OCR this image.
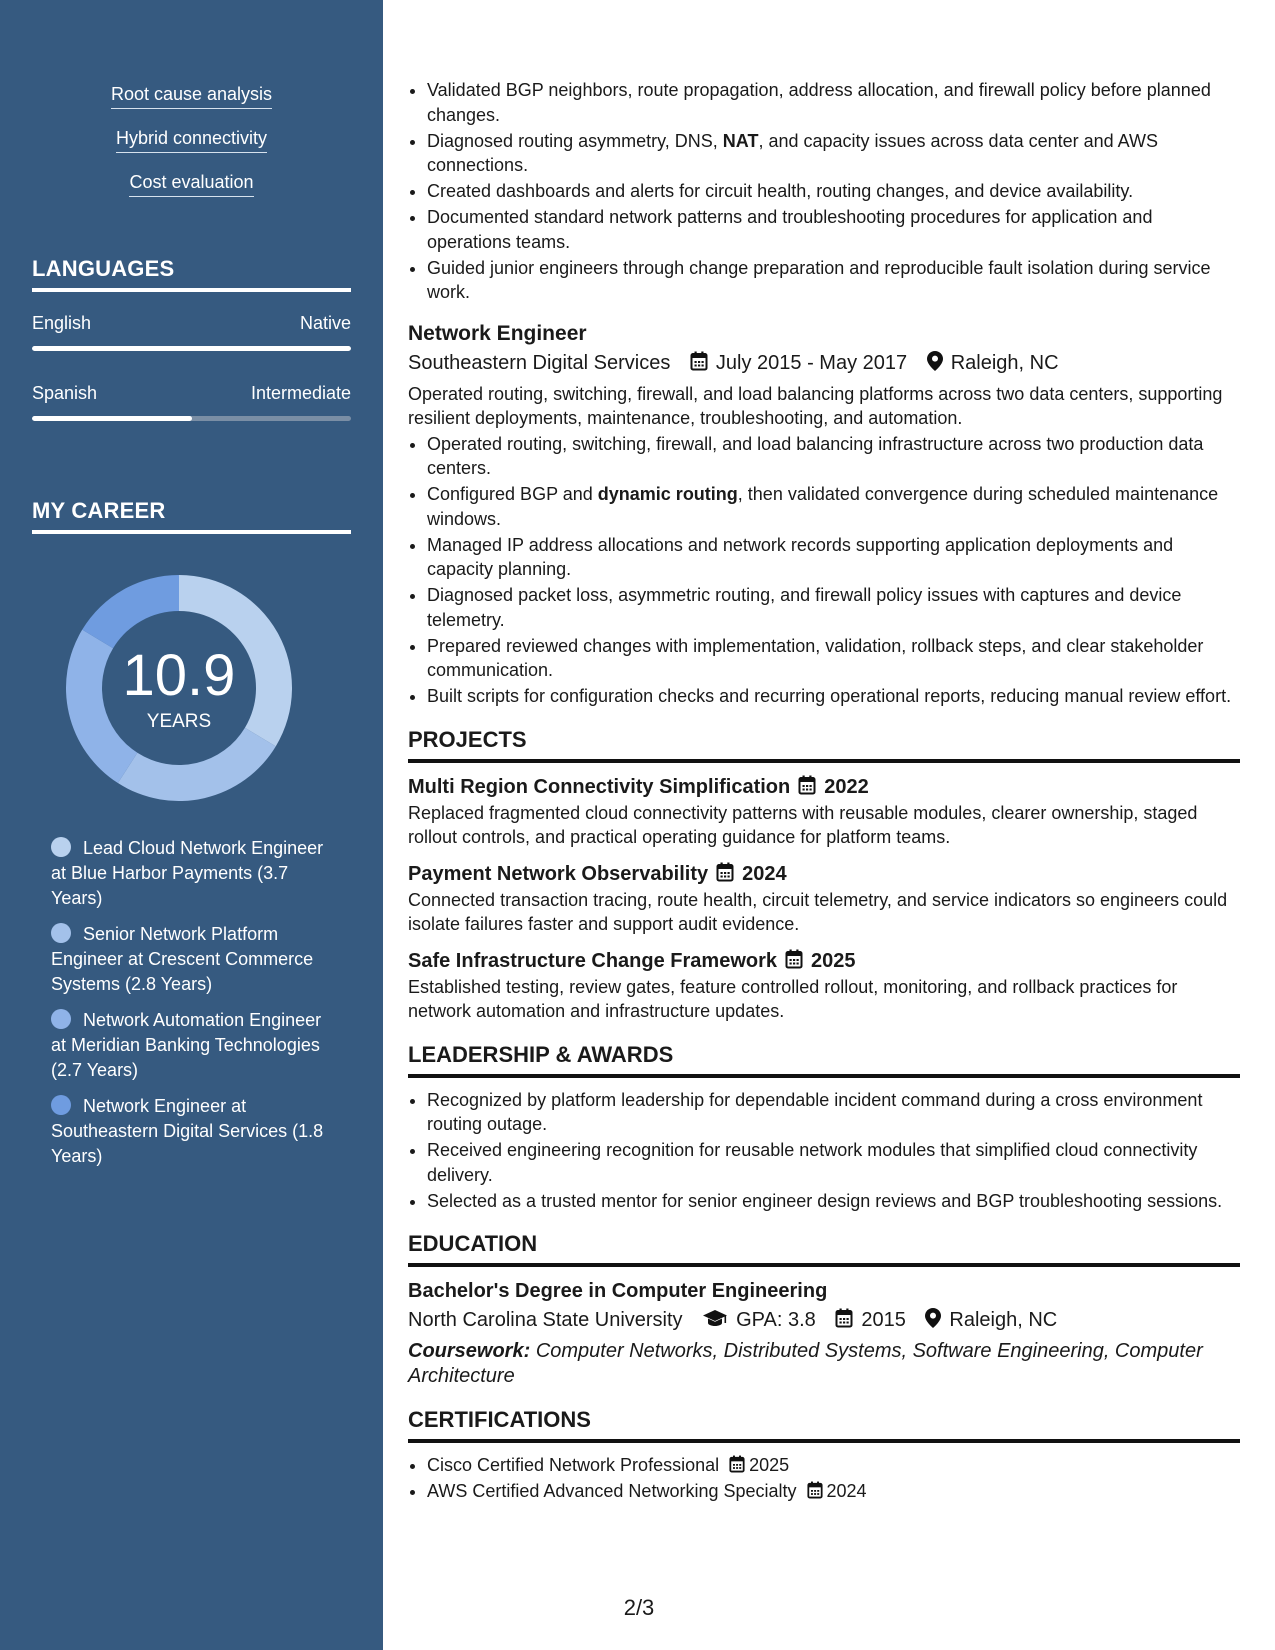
Root cause analysis
Hybrid connectivity
Cost evaluation
LANGUAGES
English	Native
Spanish	Intermediate
MY CAREER
10.9
YEARS
Lead Cloud Network Engineer at Blue Harbor Payments (3.7 Years)
Senior Network Platform Engineer at Crescent Commerce Systems (2.8 Years)
Network Automation Engineer at Meridian Banking Technologies (2.7 Years)
Network Engineer at Southeastern Digital Services (1.8 Years)
• Validated BGP neighbors, route propagation, address allocation, and firewall policy before planned changes.
• Diagnosed routing asymmetry, DNS, NAT, and capacity issues across data center and AWS connections.
• Created dashboards and alerts for circuit health, routing changes, and device availability.
• Documented standard network patterns and troubleshooting procedures for application and operations teams.
• Guided junior engineers through change preparation and reproducible fault isolation during service work.
Network Engineer
Southeastern Digital Services July 2015 - May 2017 Raleigh, NC
Operated routing, switching, firewall, and load balancing platforms across two data centers, supporting resilient deployments, maintenance, troubleshooting, and automation.
• Operated routing, switching, firewall, and load balancing infrastructure across two production data centers.
• Configured BGP and dynamic routing, then validated convergence during scheduled maintenance windows.
• Managed IP address allocations and network records supporting application deployments and capacity planning.
• Diagnosed packet loss, asymmetric routing, and firewall policy issues with captures and device telemetry.
• Prepared reviewed changes with implementation, validation, rollback steps, and clear stakeholder communication.
• Built scripts for configuration checks and recurring operational reports, reducing manual review effort.
PROJECTS
Multi Region Connectivity Simplification 2022
Replaced fragmented cloud connectivity patterns with reusable modules, clearer ownership, staged rollout controls, and practical operating guidance for platform teams.
Payment Network Observability 2024
Connected transaction tracing, route health, circuit telemetry, and service indicators so engineers could isolate failures faster and support audit evidence.
Safe Infrastructure Change Framework 2025
Established testing, review gates, feature controlled rollout, monitoring, and rollback practices for network automation and infrastructure updates.
LEADERSHIP & AWARDS
• Recognized by platform leadership for dependable incident command during a cross environment routing outage.
• Received engineering recognition for reusable network modules that simplified cloud connectivity delivery.
• Selected as a trusted mentor for senior engineer design reviews and BGP troubleshooting sessions.
EDUCATION
Bachelor's Degree in Computer Engineering
North Carolina State University	GPA: 3.8 2015 Raleigh, NC
Coursework: Computer Networks, Distributed Systems, Software Engineering, Computer Architecture
CERTIFICATIONS
• Cisco Certified Network Professional 2025
• AWS Certified Advanced Networking Specialty 2024
2/3
